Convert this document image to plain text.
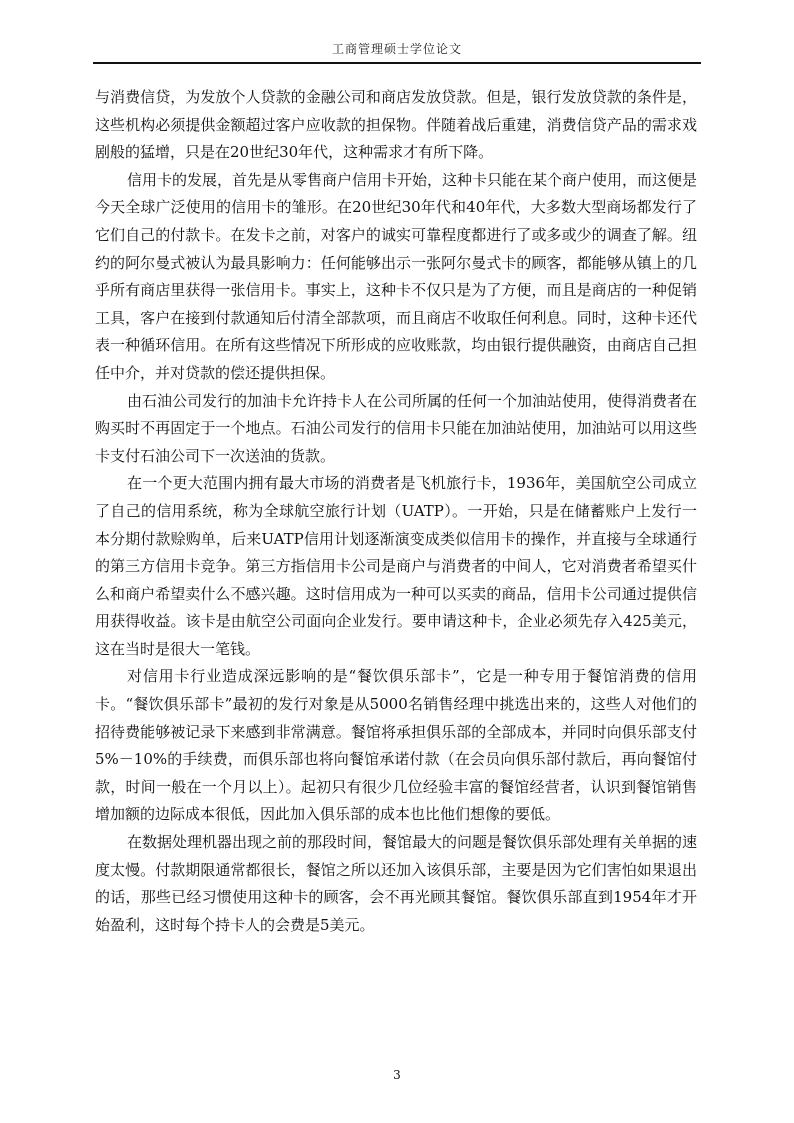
工商管理硕士学位论文

与消费信贷，为发放个人贷款的金融公司和商店发放贷款。但是，银行发放贷款的条件是，这些机构必须提供金额超过客户应收款的担保物。伴随着战后重建，消费信贷产品的需求戏剧般的猛增，只是在20世纪30年代，这种需求才有所下降。

信用卡的发展，首先是从零售商户信用卡开始，这种卡只能在某个商户使用，而这便是今天全球广泛使用的信用卡的雏形。在20世纪30年代和40年代，大多数大型商场都发行了它们自己的付款卡。在发卡之前，对客户的诚实可靠程度都进行了或多或少的调查了解。纽约的阿尔曼式被认为最具影响力：任何能够出示一张阿尔曼式卡的顾客，都能够从镇上的几乎所有商店里获得一张信用卡。事实上，这种卡不仅只是为了方便，而且是商店的一种促销工具，客户在接到付款通知后付清全部款项，而且商店不收取任何利息。同时，这种卡还代表一种循环信用。在所有这些情况下所形成的应收账款，均由银行提供融资，由商店自己担任中介，并对贷款的偿还提供担保。

由石油公司发行的加油卡允许持卡人在公司所属的任何一个加油站使用，使得消费者在购买时不再固定于一个地点。石油公司发行的信用卡只能在加油站使用，加油站可以用这些卡支付石油公司下一次送油的货款。

在一个更大范围内拥有最大市场的消费者是飞机旅行卡，1936年，美国航空公司成立了自己的信用系统，称为全球航空旅行计划（UATP）。一开始，只是在储蓄账户上发行一本分期付款赊购单，后来UATP信用计划逐渐演变成类似信用卡的操作，并直接与全球通行的第三方信用卡竞争。第三方指信用卡公司是商户与消费者的中间人，它对消费者希望买什么和商户希望卖什么不感兴趣。这时信用成为一种可以买卖的商品，信用卡公司通过提供信用获得收益。该卡是由航空公司面向企业发行。要申请这种卡，企业必须先存入425美元，这在当时是很大一笔钱。

对信用卡行业造成深远影响的是“餐饮俱乐部卡”，它是一种专用于餐馆消费的信用卡。“餐饮俱乐部卡”最初的发行对象是从5000名销售经理中挑选出来的，这些人对他们的招待费能够被记录下来感到非常满意。餐馆将承担俱乐部的全部成本，并同时向俱乐部支付5%－10%的手续费，而俱乐部也将向餐馆承诺付款（在会员向俱乐部付款后，再向餐馆付款，时间一般在一个月以上）。起初只有很少几位经验丰富的餐馆经营者，认识到餐馆销售增加额的边际成本很低，因此加入俱乐部的成本也比他们想像的要低。

在数据处理机器出现之前的那段时间，餐馆最大的问题是餐饮俱乐部处理有关单据的速度太慢。付款期限通常都很长，餐馆之所以还加入该俱乐部，主要是因为它们害怕如果退出的话，那些已经习惯使用这种卡的顾客，会不再光顾其餐馆。餐饮俱乐部直到1954年才开始盈利，这时每个持卡人的会费是5美元。

3
